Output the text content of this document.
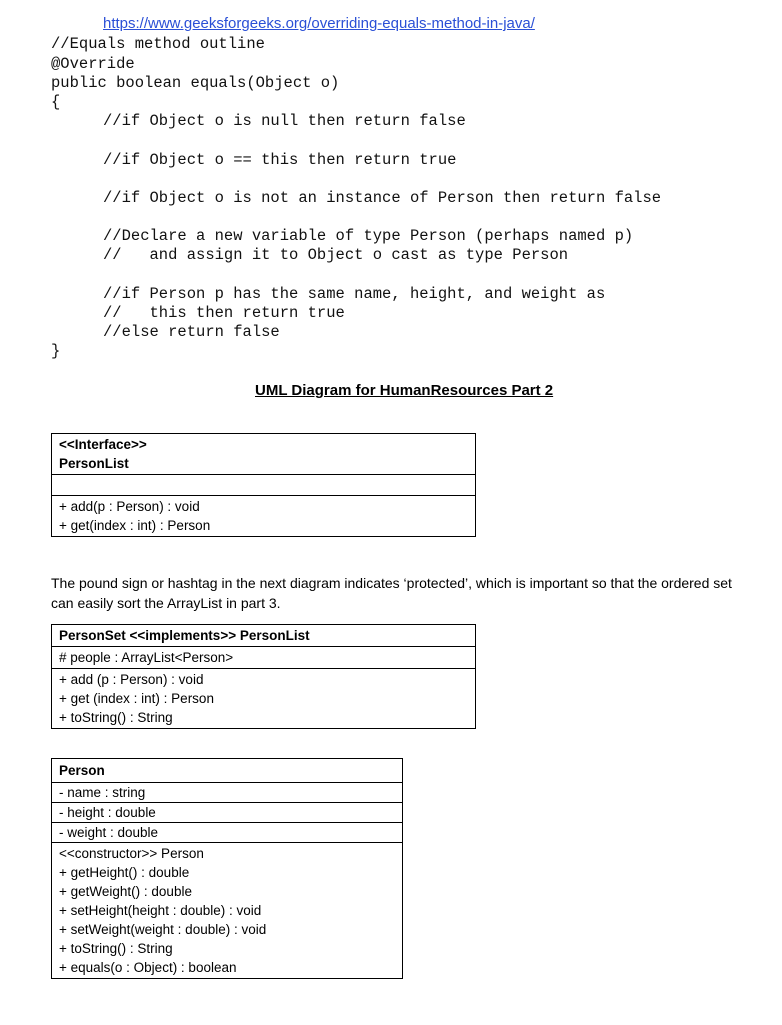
https://www.geeksforgeeks.org/overriding-equals-method-in-java/
//Equals method outline
@Override
public boolean equals(Object o)
{
//if Object o is null then return false
//if Object o == this then return true
//if Object o is not an instance of Person then return false
//Declare a new variable of type Person (perhaps named p)
//   and assign it to Object o cast as type Person
//if Person p has the same name, height, and weight as
//   this then return true
//else return false
}
UML Diagram for HumanResources Part 2
<<Interface>>
PersonList

+ add(p : Person) : void
+ get(index : int) : Person
The pound sign or hashtag in the next diagram indicates ‘protected’, which is important so that the ordered set can easily sort the ArrayList in part 3.
PersonSet <<implements>> PersonList

# people : ArrayList<Person>

+ add (p : Person) : void
+ get (index : int) : Person
+ toString() : String
Person

- name : string
- height : double
- weight : double

<<constructor>> Person
+ getHeight() : double
+ getWeight() : double
+ setHeight(height : double) : void
+ setWeight(weight : double) : void
+ toString() : String
+ equals(o : Object) : boolean
